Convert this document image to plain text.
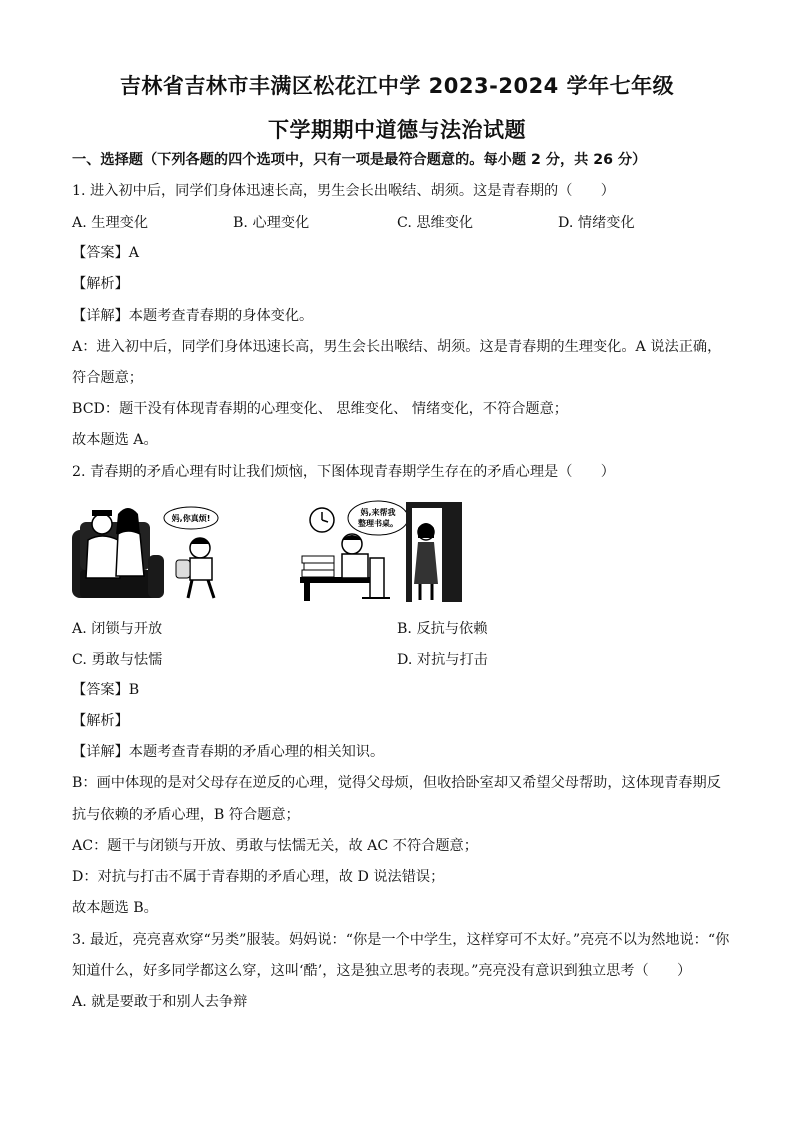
吉林省吉林市丰满区松花江中学 2023-2024 学年七年级
下学期期中道德与法治试题
一、选择题（下列各题的四个选项中，只有一项是最符合题意的。每小题 2 分，共 26 分）
1. 进入初中后，同学们身体迅速长高，男生会长出喉结、胡须。这是青春期的（　　）
A. 生理变化	B. 心理变化	C. 思维变化	D. 情绪变化
【答案】A
【解析】
【详解】本题考查青春期的身体变化。
A：进入初中后，同学们身体迅速长高，男生会长出喉结、胡须。这是青春期的生理变化。A 说法正确，
符合题意；
BCD：题干没有体现青春期的心理变化、 思维变化、 情绪变化，不符合题意；
故本题选 A。
2. 青春期的矛盾心理有时让我们烦恼，下图体现青春期学生存在的矛盾心理是（　　）
妈,你真烦!
妈,来帮我
整理书桌。
A. 闭锁与开放	B. 反抗与依赖
C. 勇敢与怯懦	D. 对抗与打击
【答案】B
【解析】
【详解】本题考查青春期的矛盾心理的相关知识。
B：画中体现的是对父母存在逆反的心理，觉得父母烦，但收拾卧室却又希望父母帮助，这体现青春期反
抗与依赖的矛盾心理，B 符合题意；
AC：题干与闭锁与开放、勇敢与怯懦无关，故 AC 不符合题意；
D：对抗与打击不属于青春期的矛盾心理，故 D 说法错误；
故本题选 B。
3. 最近，亮亮喜欢穿“另类”服装。妈妈说：“你是一个中学生，这样穿可不太好。”亮亮不以为然地说：“你
知道什么，好多同学都这么穿，这叫‘酷’，这是独立思考的表现。”亮亮没有意识到独立思考（　　）
A. 就是要敢于和别人去争辩
